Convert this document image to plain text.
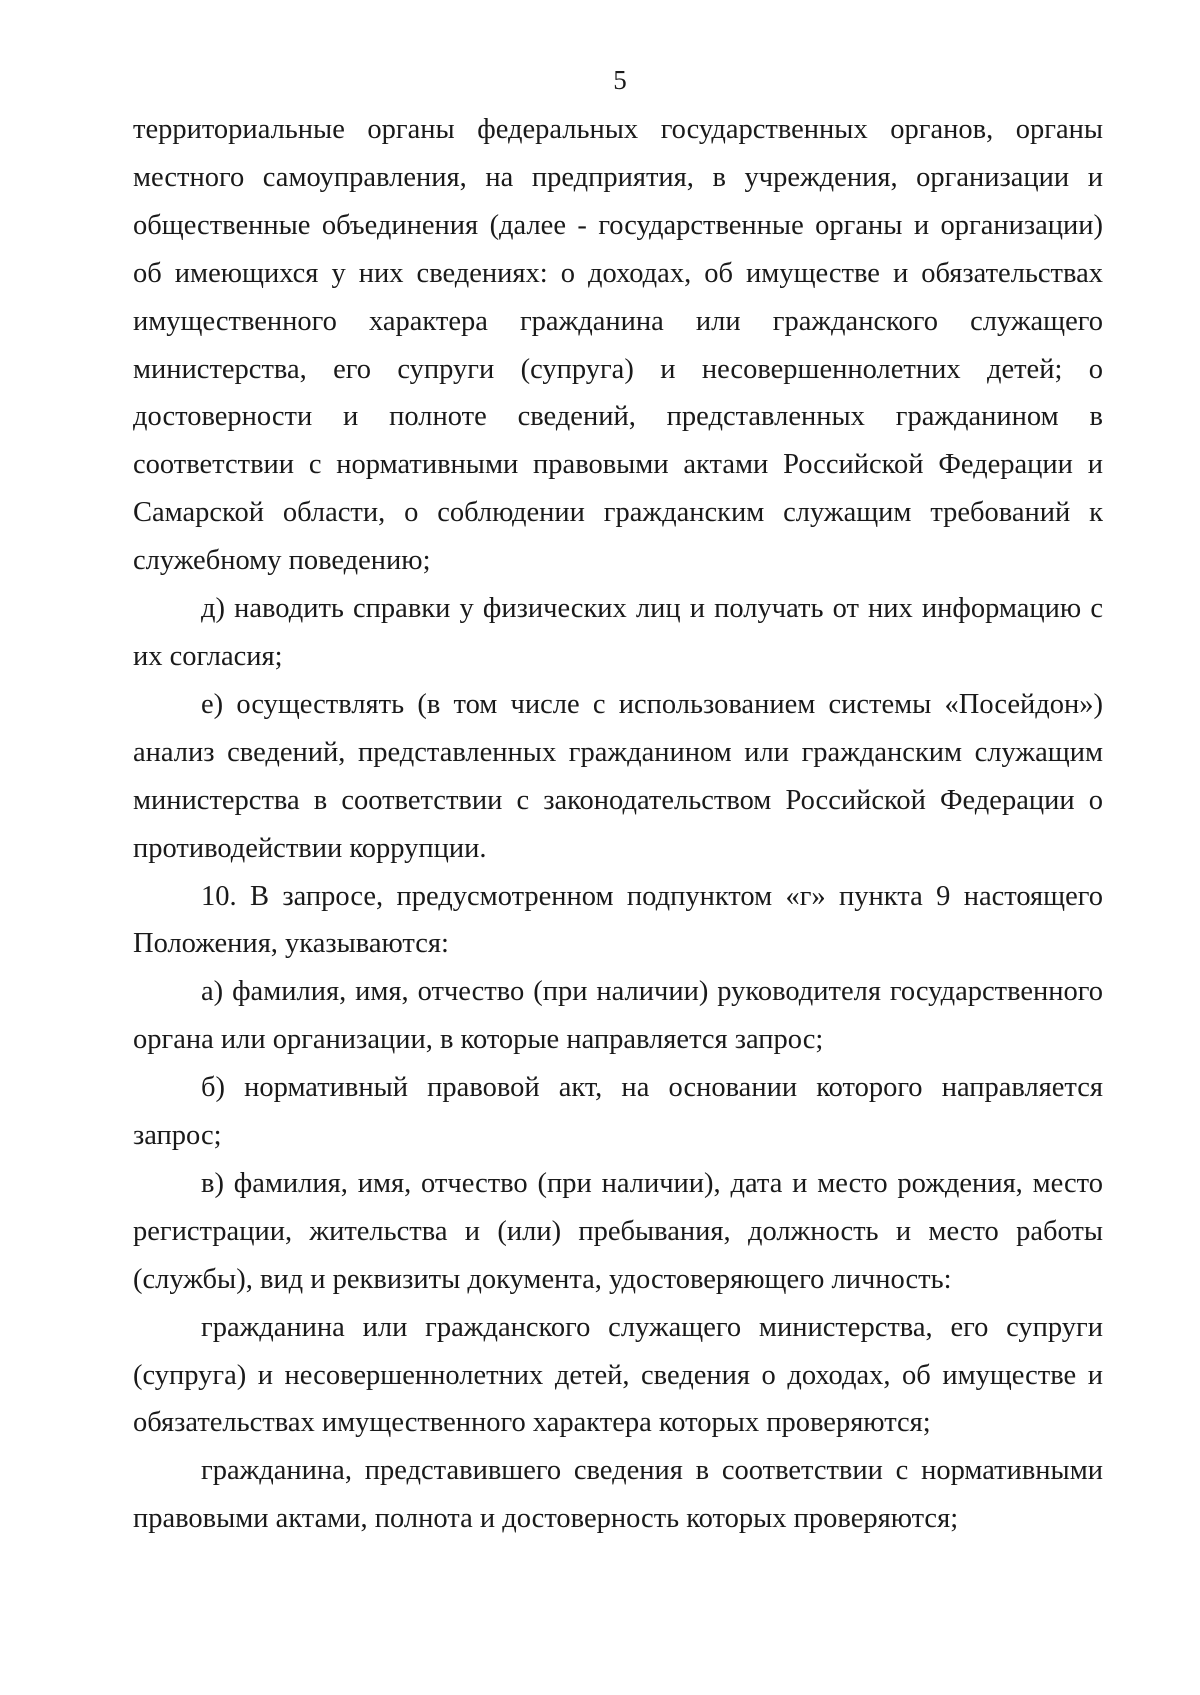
5

территориальные органы федеральных государственных органов, органы местного самоуправления, на предприятия, в учреждения, организации и общественные объединения (далее - государственные органы и организации) об имеющихся у них сведениях: о доходах, об имуществе и обязательствах имущественного характера гражданина или гражданского служащего министерства, его супруги (супруга) и несовершеннолетних детей; о достоверности и полноте сведений, представленных гражданином в соответствии с нормативными правовыми актами Российской Федерации и Самарской области, о соблюдении гражданским служащим требований к служебному поведению;

д) наводить справки у физических лиц и получать от них информацию с их согласия;

е) осуществлять (в том числе с использованием системы «Посейдон») анализ сведений, представленных гражданином или гражданским служащим министерства в соответствии с законодательством Российской Федерации о противодействии коррупции.

10. В запросе, предусмотренном подпунктом «г» пункта 9 настоящего Положения, указываются:

а) фамилия, имя, отчество (при наличии) руководителя государственного органа или организации, в которые направляется запрос;

б) нормативный правовой акт, на основании которого направляется запрос;

в) фамилия, имя, отчество (при наличии), дата и место рождения, место регистрации, жительства и (или) пребывания, должность и место работы (службы), вид и реквизиты документа, удостоверяющего личность:

гражданина или гражданского служащего министерства, его супруги (супруга) и несовершеннолетних детей, сведения о доходах, об имуществе и обязательствах имущественного характера которых проверяются;

гражданина, представившего сведения в соответствии с нормативными правовыми актами, полнота и достоверность которых проверяются;
